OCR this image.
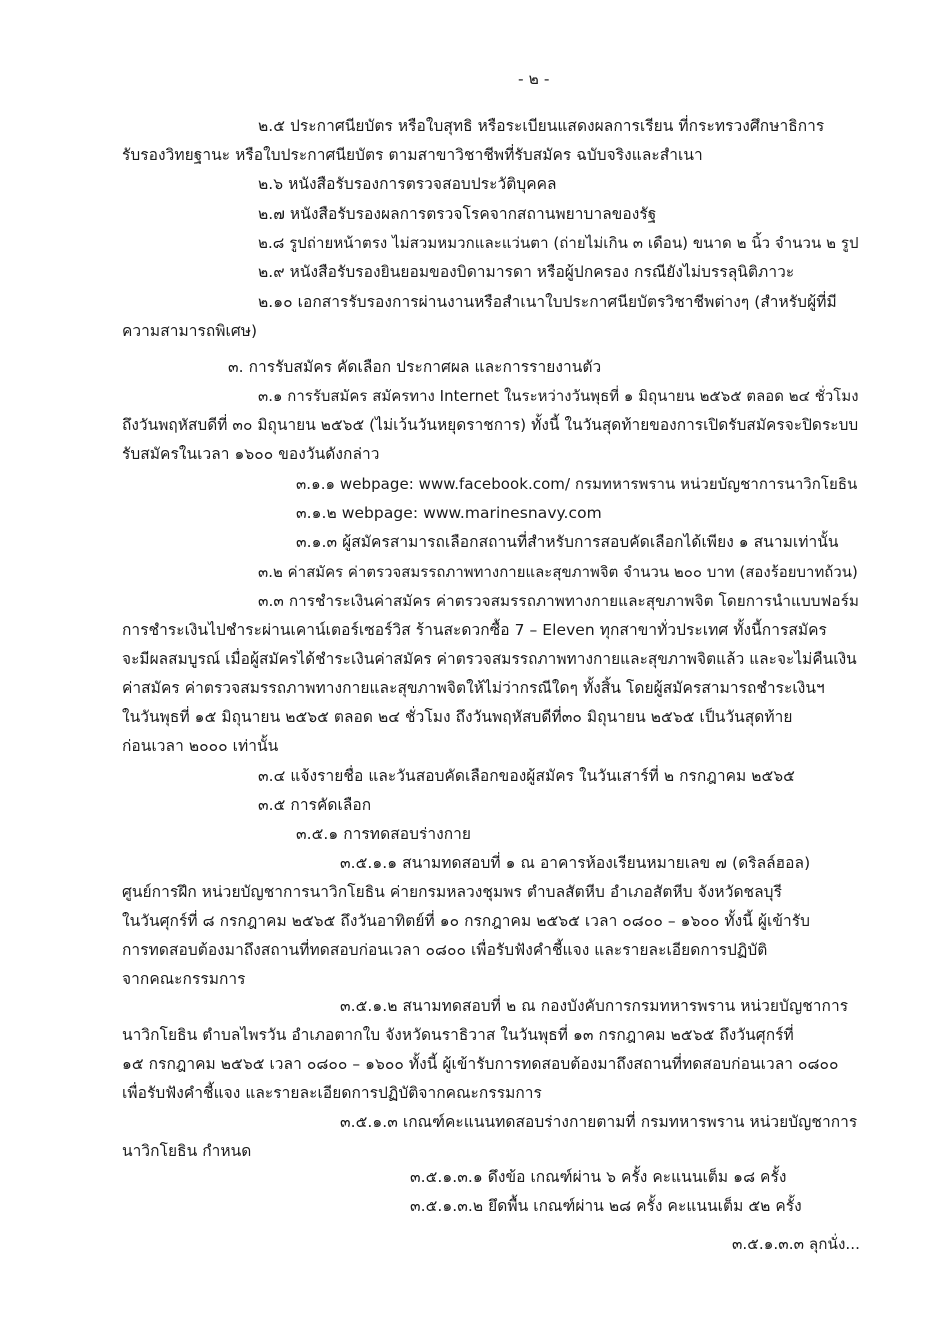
- ๒ -

๒.๕ ประกาศนียบัตร หรือใบสุทธิ หรือระเบียนแสดงผลการเรียน ที่กระทรวงศึกษาธิการ

รับรองวิทยฐานะ หรือใบประกาศนียบัตร ตามสาขาวิชาชีพที่รับสมัคร ฉบับจริงและสำเนา

๒.๖ หนังสือรับรองการตรวจสอบประวัติบุคคล

๒.๗ หนังสือรับรองผลการตรวจโรคจากสถานพยาบาลของรัฐ

๒.๘ รูปถ่ายหน้าตรง ไม่สวมหมวกและแว่นตา (ถ่ายไม่เกิน ๓ เดือน) ขนาด ๒ นิ้ว จำนวน ๒ รูป

๒.๙ หนังสือรับรองยินยอมของบิดามารดา หรือผู้ปกครอง กรณียังไม่บรรลุนิติภาวะ

๒.๑๐ เอกสารรับรองการผ่านงานหรือสำเนาใบประกาศนียบัตรวิชาชีพต่างๆ (สำหรับผู้ที่มี

ความสามารถพิเศษ)

๓. การรับสมัคร คัดเลือก ประกาศผล และการรายงานตัว

๓.๑ การรับสมัคร สมัครทาง Internet ในระหว่างวันพุธที่ ๑ มิถุนายน ๒๕๖๕ ตลอด ๒๔ ชั่วโมง

ถึงวันพฤหัสบดีที่ ๓๐ มิถุนายน ๒๕๖๕ (ไม่เว้นวันหยุดราชการ) ทั้งนี้ ในวันสุดท้ายของการเปิดรับสมัครจะปิดระบบ

รับสมัครในเวลา ๑๖๐๐ ของวันดังกล่าว

๓.๑.๑ webpage: www.facebook.com/ กรมทหารพราน หน่วยบัญชาการนาวิกโยธิน

๓.๑.๒ webpage: www.marinesnavy.com

๓.๑.๓ ผู้สมัครสามารถเลือกสถานที่สำหรับการสอบคัดเลือกได้เพียง ๑ สนามเท่านั้น

๓.๒ ค่าสมัคร ค่าตรวจสมรรถภาพทางกายและสุขภาพจิต จำนวน ๒๐๐ บาท (สองร้อยบาทถ้วน)

๓.๓ การชำระเงินค่าสมัคร ค่าตรวจสมรรถภาพทางกายและสุขภาพจิต โดยการนำแบบฟอร์ม

การชำระเงินไปชำระผ่านเคาน์เตอร์เซอร์วิส ร้านสะดวกซื้อ 7 – Eleven ทุกสาขาทั่วประเทศ ทั้งนี้การสมัคร

จะมีผลสมบูรณ์ เมื่อผู้สมัครได้ชำระเงินค่าสมัคร ค่าตรวจสมรรถภาพทางกายและสุขภาพจิตแล้ว และจะไม่คืนเงิน

ค่าสมัคร ค่าตรวจสมรรถภาพทางกายและสุขภาพจิตให้ไม่ว่ากรณีใดๆ ทั้งสิ้น โดยผู้สมัครสามารถชำระเงินฯ

ในวันพุธที่ ๑๕ มิถุนายน ๒๕๖๕ ตลอด ๒๔ ชั่วโมง ถึงวันพฤหัสบดีที่๓๐ มิถุนายน ๒๕๖๕ เป็นวันสุดท้าย

ก่อนเวลา ๒๐๐๐ เท่านั้น

๓.๔ แจ้งรายชื่อ และวันสอบคัดเลือกของผู้สมัคร ในวันเสาร์ที่ ๒ กรกฎาคม ๒๕๖๕

๓.๕ การคัดเลือก

๓.๕.๑ การทดสอบร่างกาย

๓.๕.๑.๑ สนามทดสอบที่ ๑ ณ อาคารห้องเรียนหมายเลข ๗ (ดริลล์ฮอล)

ศูนย์การฝึก หน่วยบัญชาการนาวิกโยธิน ค่ายกรมหลวงชุมพร ตำบลสัตหีบ อำเภอสัตหีบ จังหวัดชลบุรี

ในวันศุกร์ที่ ๘ กรกฎาคม ๒๕๖๕ ถึงวันอาทิตย์ที่ ๑๐ กรกฎาคม ๒๕๖๕ เวลา ๐๘๐๐ – ๑๖๐๐ ทั้งนี้ ผู้เข้ารับ

การทดสอบต้องมาถึงสถานที่ทดสอบก่อนเวลา ๐๘๐๐ เพื่อรับฟังคำชี้แจง และรายละเอียดการปฏิบัติ

จากคณะกรรมการ

๓.๕.๑.๒ สนามทดสอบที่ ๒ ณ กองบังคับการกรมทหารพราน หน่วยบัญชาการ

นาวิกโยธิน ตำบลไพรวัน อำเภอตากใบ จังหวัดนราธิวาส ในวันพุธที่ ๑๓ กรกฎาคม ๒๕๖๕ ถึงวันศุกร์ที่

๑๕ กรกฎาคม ๒๕๖๕ เวลา ๐๘๐๐ – ๑๖๐๐ ทั้งนี้ ผู้เข้ารับการทดสอบต้องมาถึงสถานที่ทดสอบก่อนเวลา ๐๘๐๐

เพื่อรับฟังคำชี้แจง และรายละเอียดการปฏิบัติจากคณะกรรมการ

๓.๕.๑.๓ เกณฑ์คะแนนทดสอบร่างกายตามที่ กรมทหารพราน หน่วยบัญชาการ

นาวิกโยธิน กำหนด

๓.๕.๑.๓.๑ ดึงข้อ เกณฑ์ผ่าน ๖ ครั้ง คะแนนเต็ม ๑๘ ครั้ง

๓.๕.๑.๓.๒ ยึดพื้น เกณฑ์ผ่าน ๒๘ ครั้ง คะแนนเต็ม ๕๒ ครั้ง

๓.๕.๑.๓.๓ ลุกนั่ง...
